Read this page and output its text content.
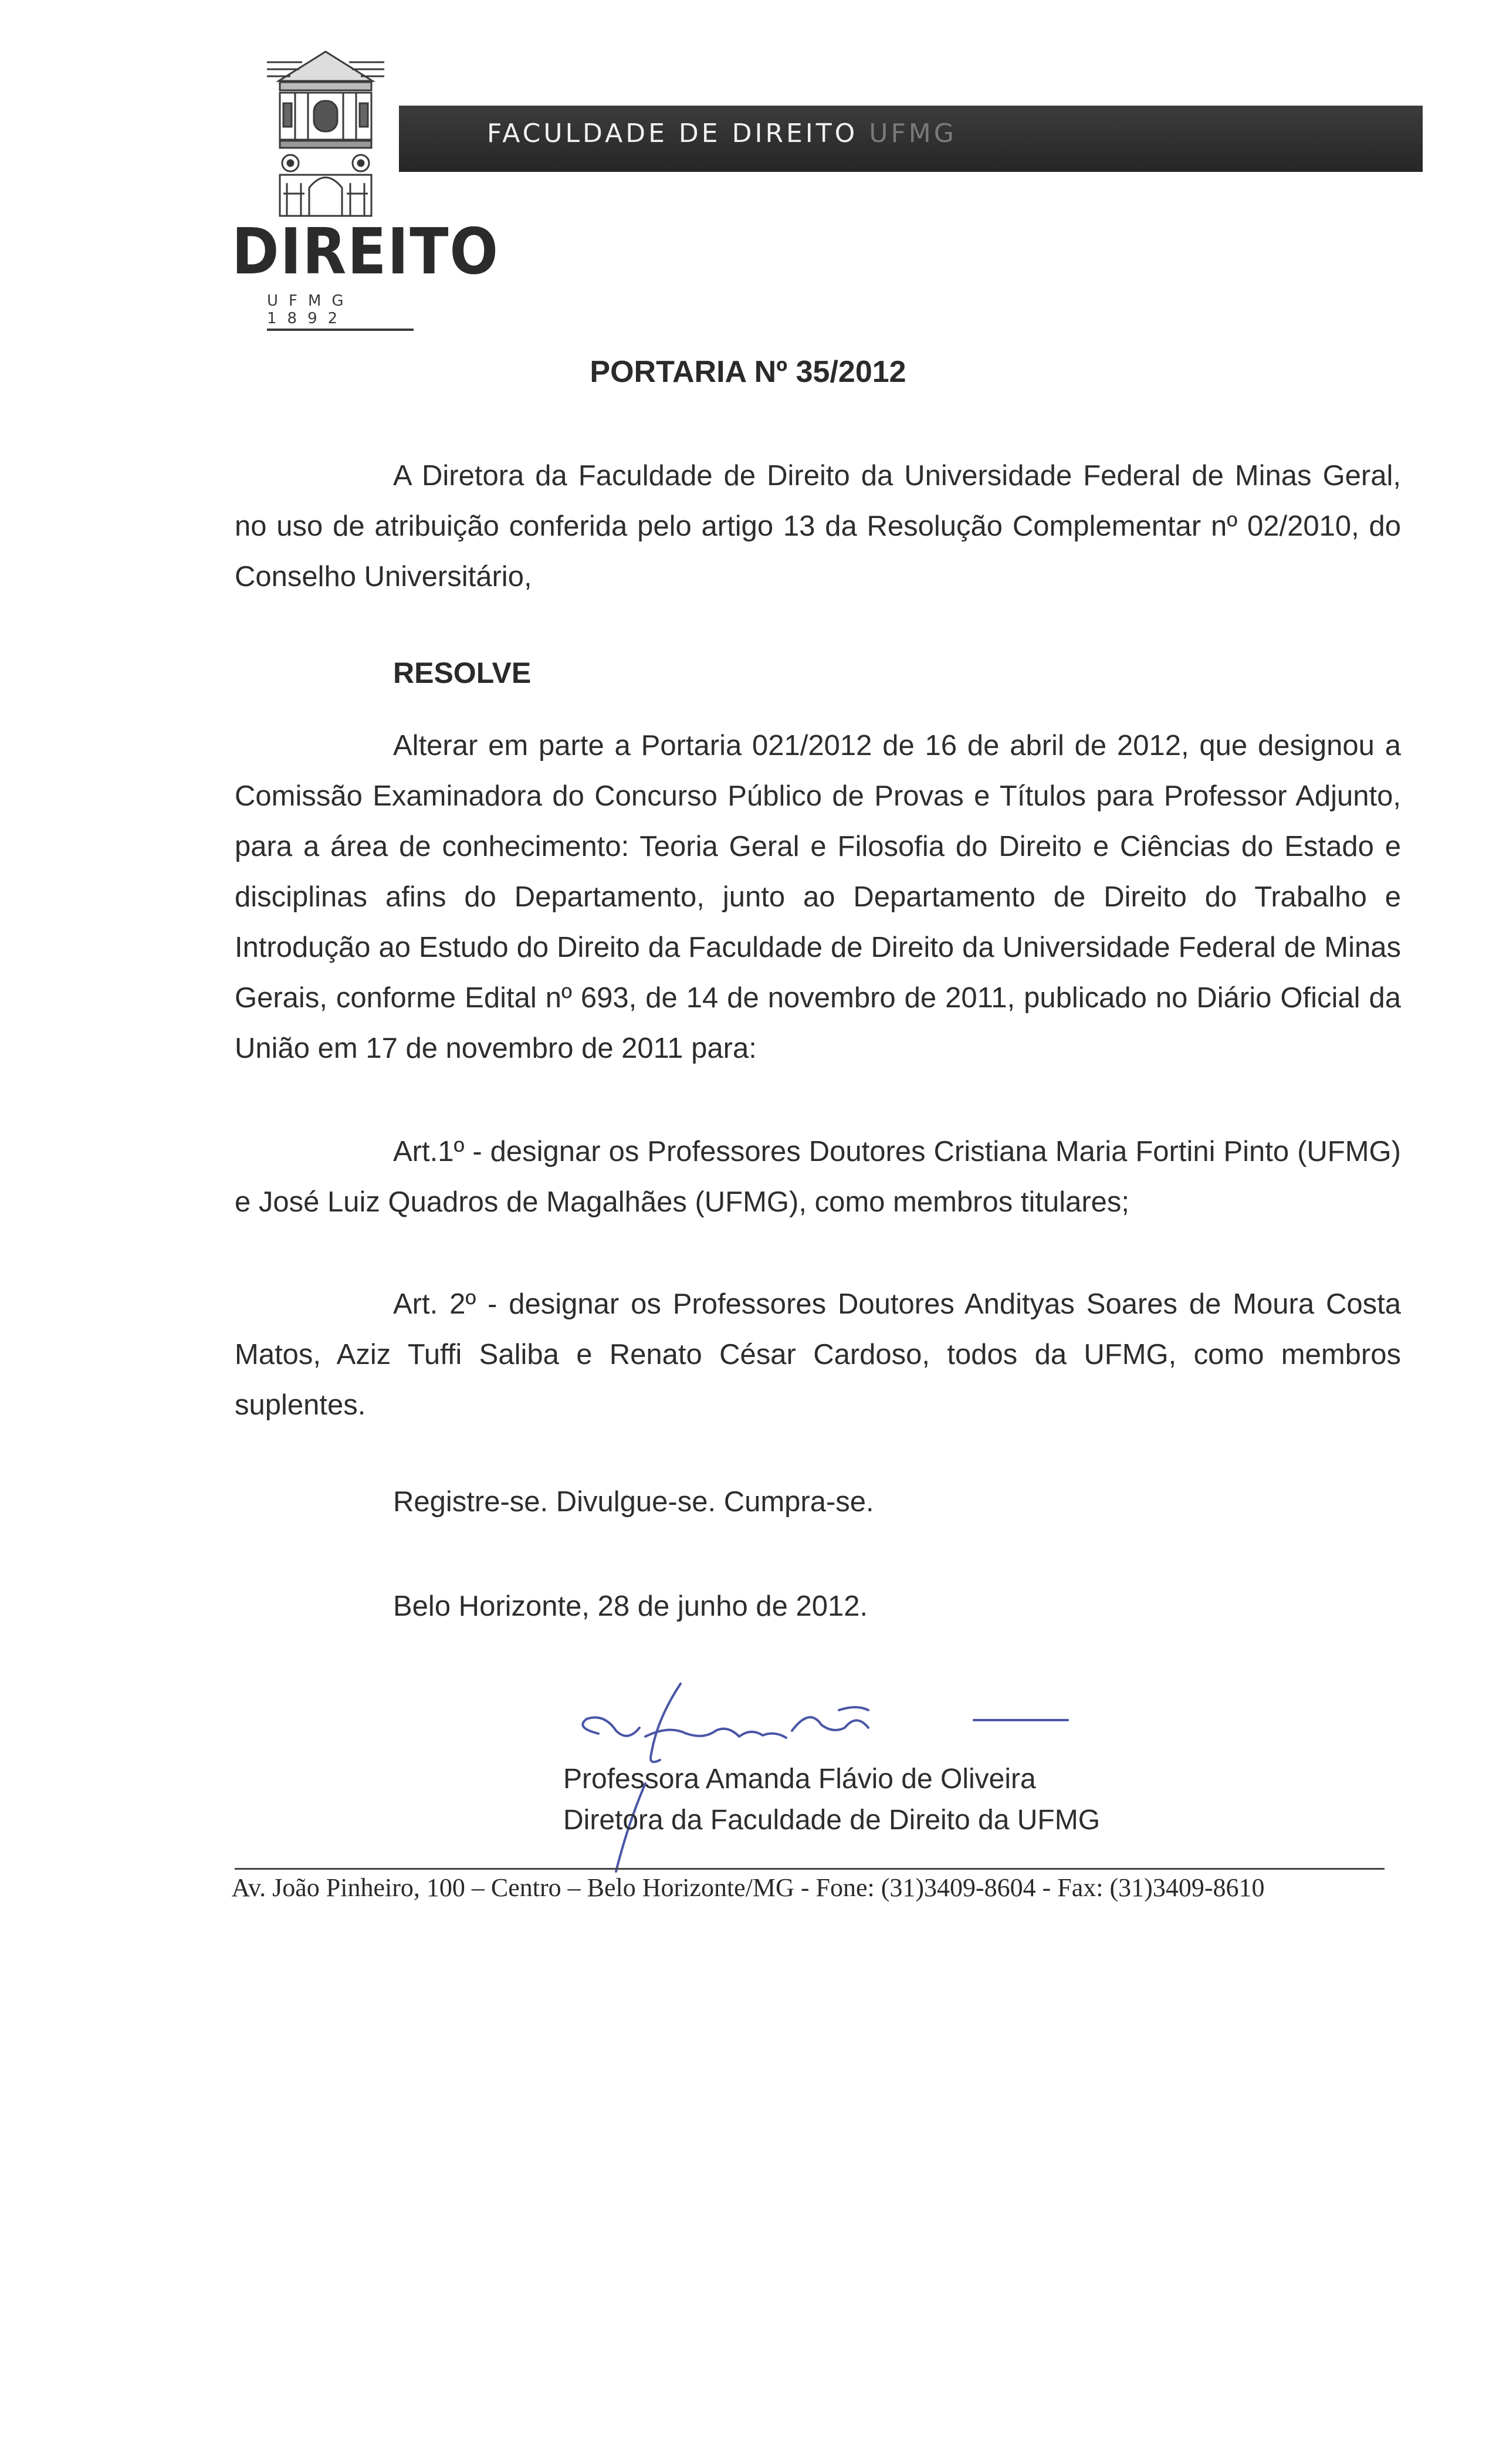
DIREITO
UFMG 1892
FACULDADE DE DIREITO UFMG
PORTARIA Nº 35/2012
A Diretora da Faculdade de Direito da Universidade Federal de Minas Geral, no uso de atribuição conferida pelo artigo 13 da Resolução Complementar nº 02/2010, do Conselho Universitário,
RESOLVE
Alterar em parte a Portaria 021/2012 de 16 de abril de 2012, que designou a Comissão Examinadora do Concurso Público de Provas e Títulos para Professor Adjunto, para a área de conhecimento: Teoria Geral e Filosofia do Direito e Ciências do Estado e disciplinas afins do Departamento, junto ao Departamento de Direito do Trabalho e Introdução ao Estudo do Direito da Faculdade de Direito da Universidade Federal de Minas Gerais, conforme Edital nº 693, de 14 de novembro de 2011, publicado no Diário Oficial da União em 17 de novembro de 2011 para:
Art.1º - designar os Professores Doutores Cristiana Maria Fortini Pinto (UFMG) e José Luiz Quadros de Magalhães (UFMG), como membros titulares;
Art. 2º - designar os Professores Doutores Andityas Soares de Moura Costa Matos, Aziz Tuffi Saliba e Renato César Cardoso, todos da UFMG, como membros suplentes.
Registre-se. Divulgue-se. Cumpra-se.
Belo Horizonte, 28 de junho de 2012.
Professora Amanda Flávio de Oliveira
Diretora da Faculdade de Direito da UFMG
Av. João Pinheiro, 100 – Centro – Belo Horizonte/MG - Fone: (31)3409-8604 - Fax: (31)3409-8610
